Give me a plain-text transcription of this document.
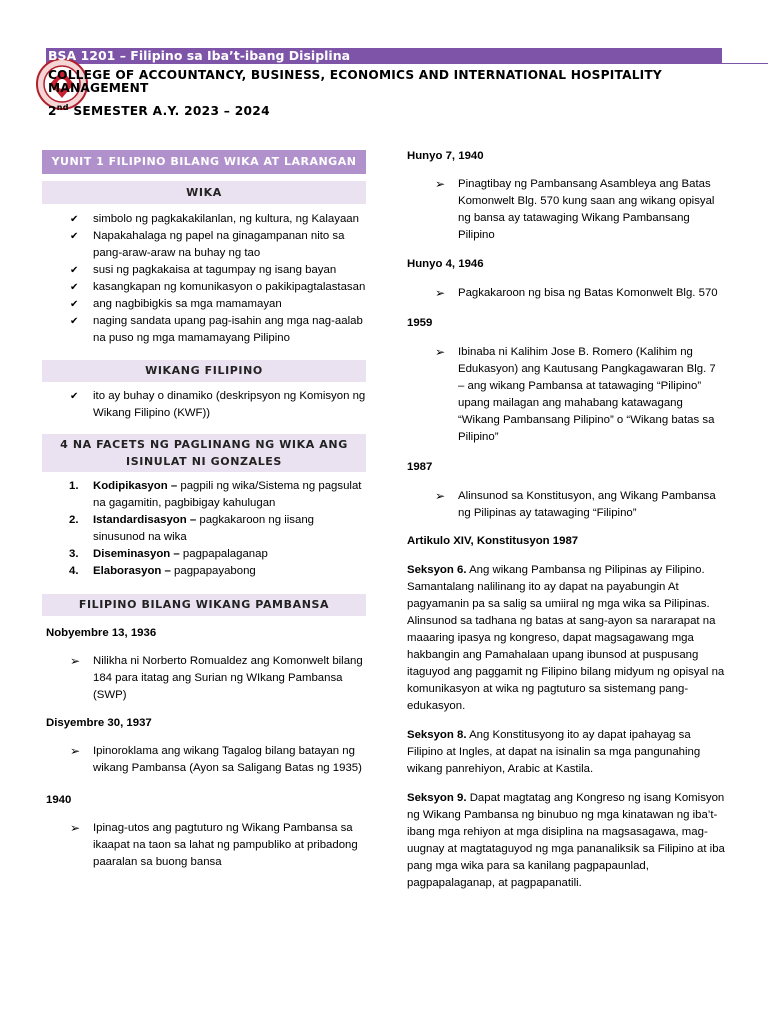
BSA 1201 – Filipino sa Iba’t-ibang Disiplina
COLLEGE OF ACCOUNTANCY, BUSINESS, ECONOMICS AND INTERNATIONAL HOSPITALITY MANAGEMENT
2nd SEMESTER A.Y. 2023 – 2024
YUNIT 1 FILIPINO BILANG WIKA AT LARANGAN
WIKA
✔ simbolo ng pagkakakilanlan, ng kultura, ng Kalayaan
✔ Napakahalaga ng papel na ginagampanan nito sa pang-araw-araw na buhay ng tao
✔ susi ng pagkakaisa at tagumpay ng isang bayan
✔ kasangkapan ng komunikasyon o pakikipagtalastasan
✔ ang nagbibigkis sa mga mamamayan
✔ naging sandata upang pag-isahin ang mga nag-aalab na puso ng mga mamamayang Pilipino
WIKANG FILIPINO
✔ ito ay buhay o dinamiko (deskripsyon ng Komisyon ng Wikang Filipino (KWF))
4 NA FACETS NG PAGLINANG NG WIKA ANG ISINULAT NI GONZALES
1. Kodipikasyon – pagpili ng wika/Sistema ng pagsulat na gagamitin, pagbibigay kahulugan
2. Istandardisasyon – pagkakaroon ng iisang sinusunod na wika
3. Diseminasyon – pagpapalaganap
4. Elaborasyon – pagpapayabong
FILIPINO BILANG WIKANG PAMBANSA
Nobyembre 13, 1936
➢ Nilikha ni Norberto Romualdez ang Komonwelt bilang 184 para itatag ang Surian ng WIkang Pambansa (SWP)
Disyembre 30, 1937
➢ Ipinoroklama ang wikang Tagalog bilang batayan ng wikang Pambansa (Ayon sa Saligang Batas ng 1935)
1940
➢ Ipinag-utos ang pagtuturo ng Wikang Pambansa sa ikaapat na taon sa lahat ng pampubliko at pribadong paaralan sa buong bansa
Hunyo 7, 1940
➢ Pinagtibay ng Pambansang Asambleya ang Batas Komonwelt Blg. 570 kung saan ang wikang opisyal ng bansa ay tatawaging Wikang Pambansang Pilipino
Hunyo 4, 1946
➢ Pagkakaroon ng bisa ng Batas Komonwelt Blg. 570
1959
➢ Ibinaba ni Kalihim Jose B. Romero (Kalihim ng Edukasyon) ang Kautusang Pangkagawaran Blg. 7 – ang wikang Pambansa at tatawaging “Pilipino” upang mailagan ang mahabang katawagang “Wikang Pambansang Pilipino” o “Wikang batas sa Pilipino”
1987
➢ Alinsunod sa Konstitusyon, ang Wikang Pambansa ng Pilipinas ay tatawaging “Filipino”
Artikulo XIV, Konstitusyon 1987

Seksyon 6. Ang wikang Pambansa ng Pilipinas ay Filipino. Samantalang nalilinang ito ay dapat na payabungin At pagyamanin pa sa salig sa umiiral ng mga wika sa Pilipinas. Alinsunod sa tadhana ng batas at sang-ayon sa nararapat na maaaring ipasya ng kongreso, dapat magsagawang mga hakbangin ang Pamahalaan upang ibunsod at puspusang itaguyod ang paggamit ng Filipino bilang midyum ng opisyal na komunikasyon at wika ng pagtuturo sa sistemang pang-edukasyon.

Seksyon 8. Ang Konstitusyong ito ay dapat ipahayag sa Filipino at Ingles, at dapat na isinalin sa mga pangunahing wikang panrehiyon, Arabic at Kastila.

Seksyon 9. Dapat magtatag ang Kongreso ng isang Komisyon ng Wikang Pambansa ng binubuo ng mga kinatawan ng iba’t-ibang mga rehiyon at mga disiplina na magsasagawa, mag-uugnay at magtataguyod ng mga pananaliksik sa Filipino at iba pang mga wika para sa kanilang pagpapaunlad, pagpapalaganap, at pagpapanatili.
